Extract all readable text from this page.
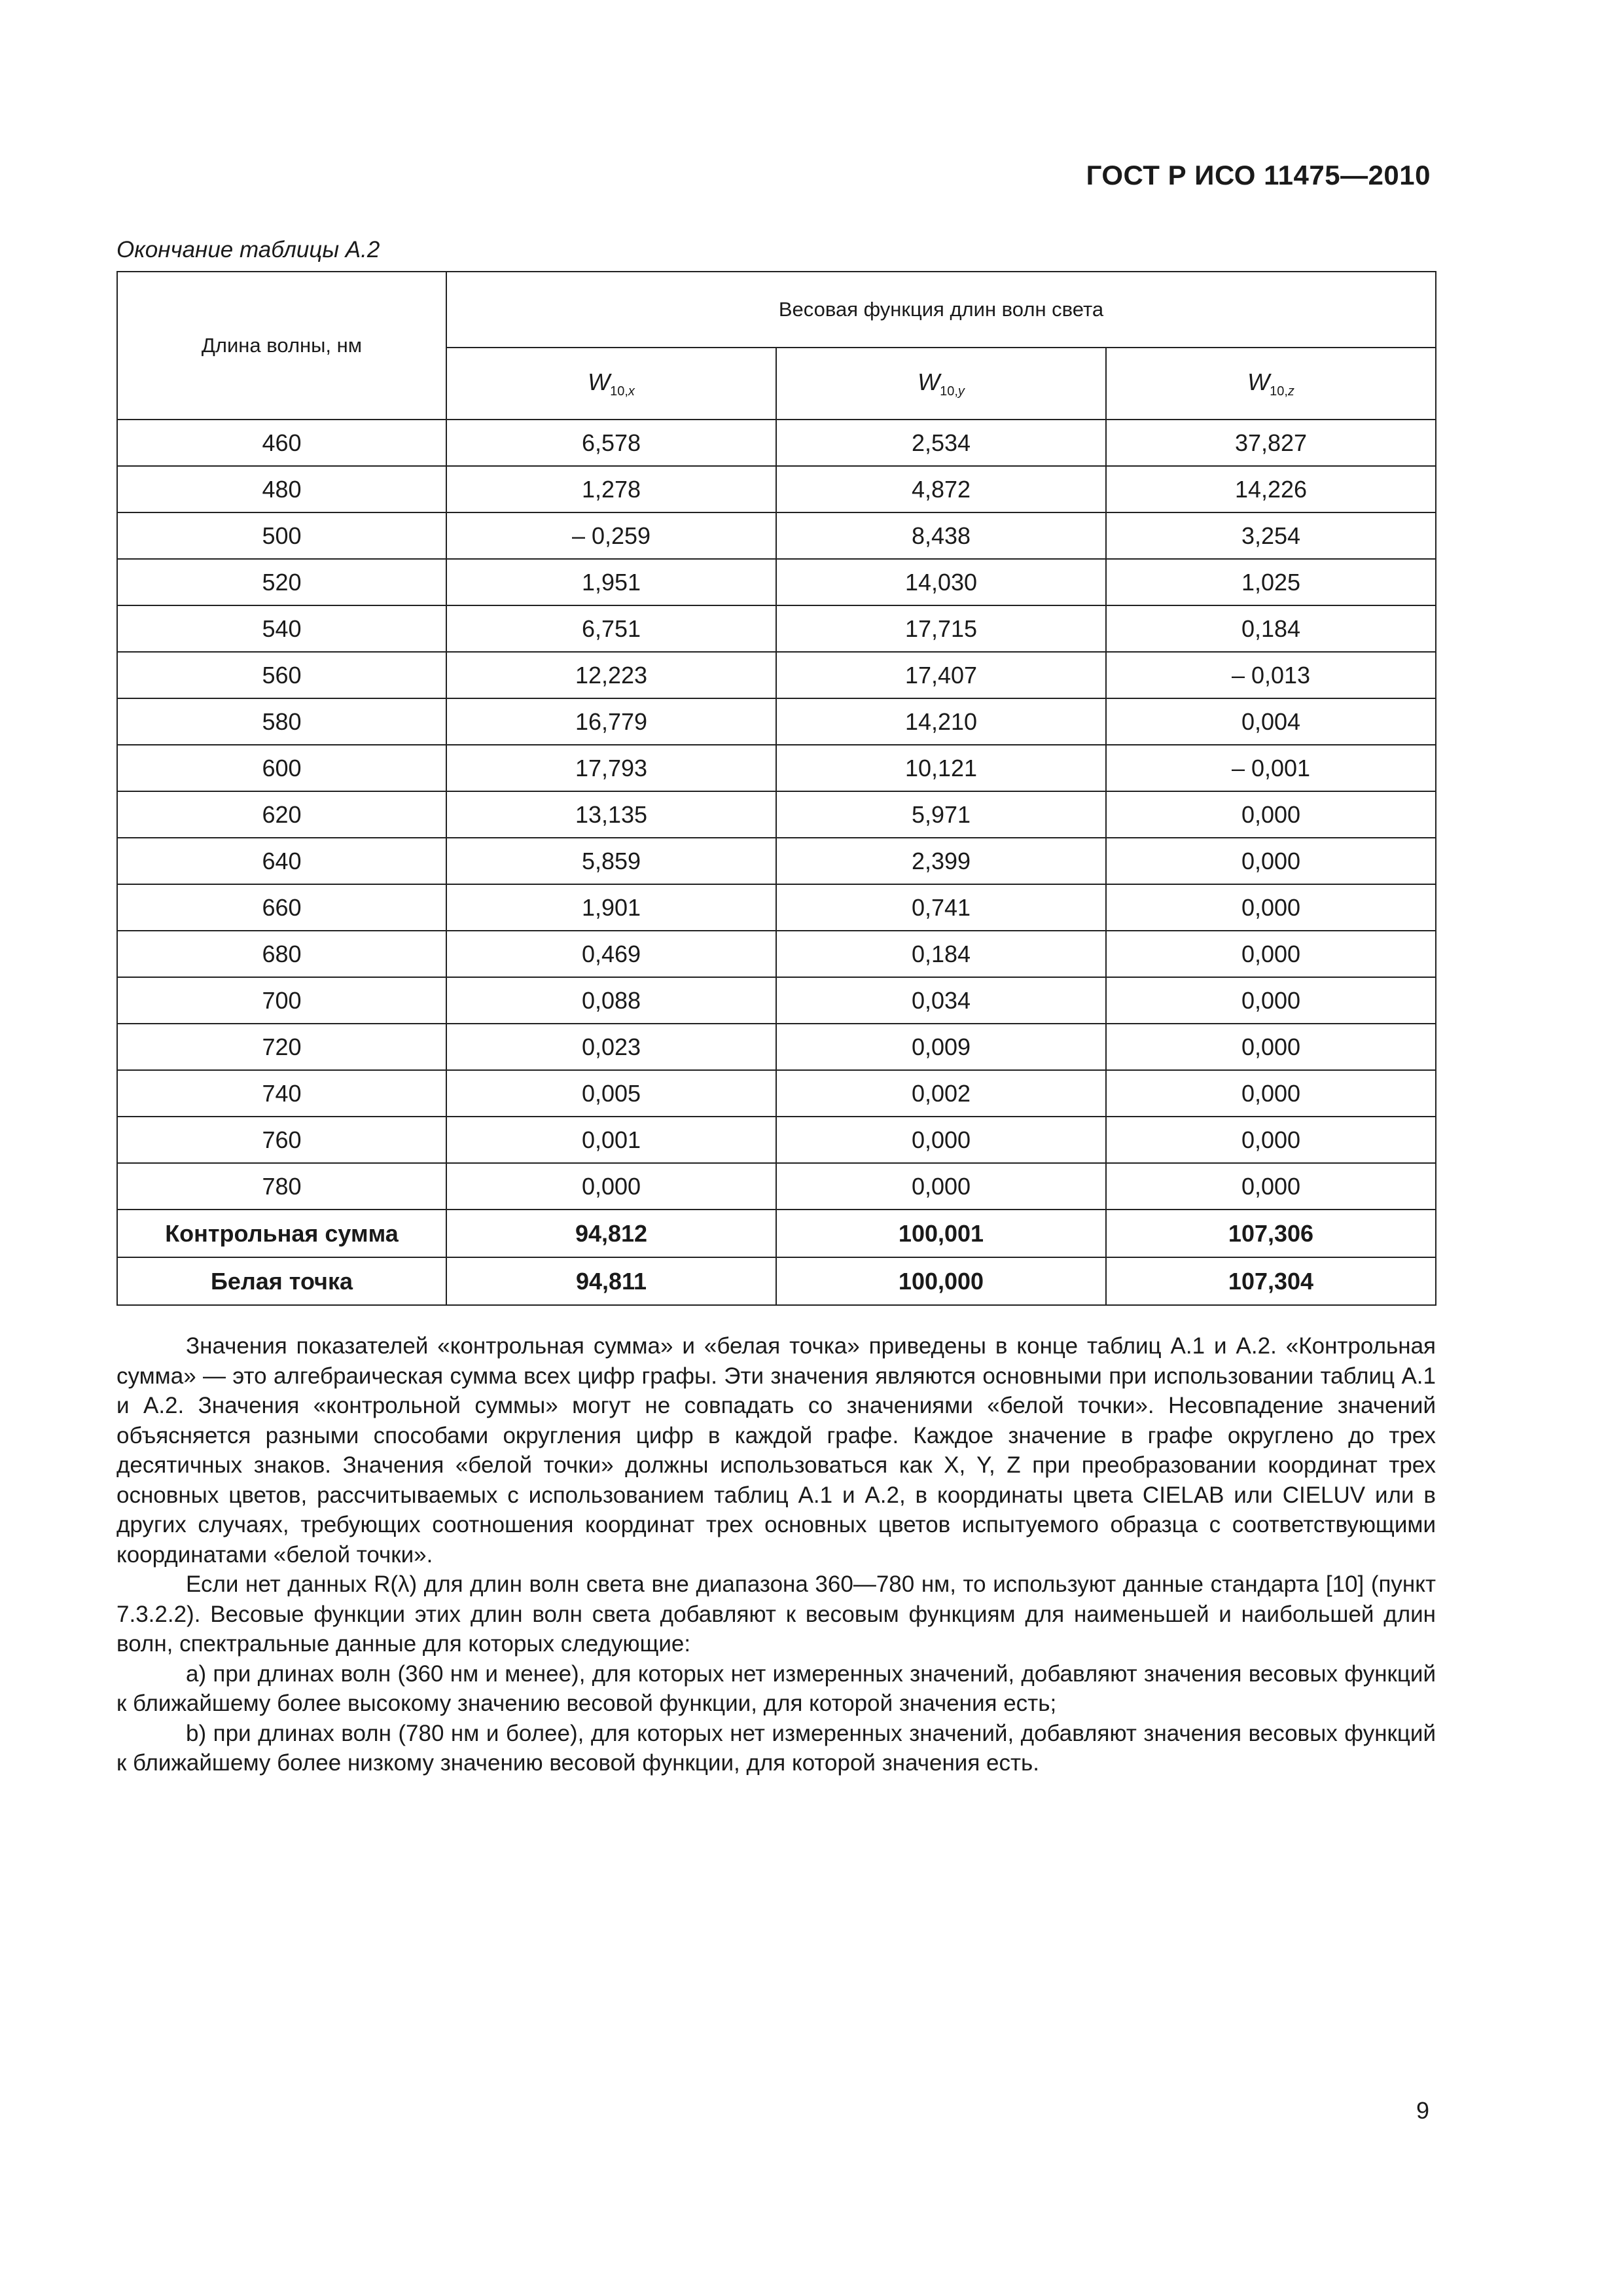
ГОСТ Р ИСО 11475—2010
Окончание таблицы А.2
Длина волны, нм	Весовая функция длин волн света		
	$W_{10,x}$	$W_{10,y}$	$W_{10,z}$
460	6,578	2,534	37,827
480	1,278	4,872	14,226
500	– 0,259	8,438	3,254
520	1,951	14,030	1,025
540	6,751	17,715	0,184
560	12,223	17,407	– 0,013
580	16,779	14,210	0,004
600	17,793	10,121	– 0,001
620	13,135	5,971	0,000
640	5,859	2,399	0,000
660	1,901	0,741	0,000
680	0,469	0,184	0,000
700	0,088	0,034	0,000
720	0,023	0,009	0,000
740	0,005	0,002	0,000
760	0,001	0,000	0,000
780	0,000	0,000	0,000
Контрольная сумма	94,812	100,001	107,306
Белая точка	94,811	100,000	107,304

Значения показателей «контрольная сумма» и «белая точка» приведены в конце таблиц А.1 и А.2. «Контрольная сумма» — это алгебраическая сумма всех цифр графы. Эти значения являются основными при использовании таблиц А.1 и А.2. Значения «контрольной суммы» могут не совпадать со значениями «белой точки». Несовпадение значений объясняется разными способами округления цифр в каждой графе. Каждое значение в графе округлено до трех десятичных знаков. Значения «белой точки» должны использоваться как X, Y, Z при преобразовании координат трех основных цветов, рассчитываемых с использованием таблиц А.1 и А.2, в координаты цвета CIELAB или CIELUV или в других случаях, требующих соотношения координат трех основных цветов испытуемого образца с соответствующими координатами «белой точки».

Если нет данных R(λ) для длин волн света вне диапазона 360—780 нм, то используют данные стандарта [10] (пункт 7.3.2.2). Весовые функции этих длин волн света добавляют к весовым функциям для наименьшей и наибольшей длин волн, спектральные данные для которых следующие:

a) при длинах волн (360 нм и менее), для которых нет измеренных значений, добавляют значения весовых функций к ближайшему более высокому значению весовой функции, для которой значения есть;

b) при длинах волн (780 нм и более), для которых нет измеренных значений, добавляют значения весовых функций к ближайшему более низкому значению весовой функции, для которой значения есть.

9
